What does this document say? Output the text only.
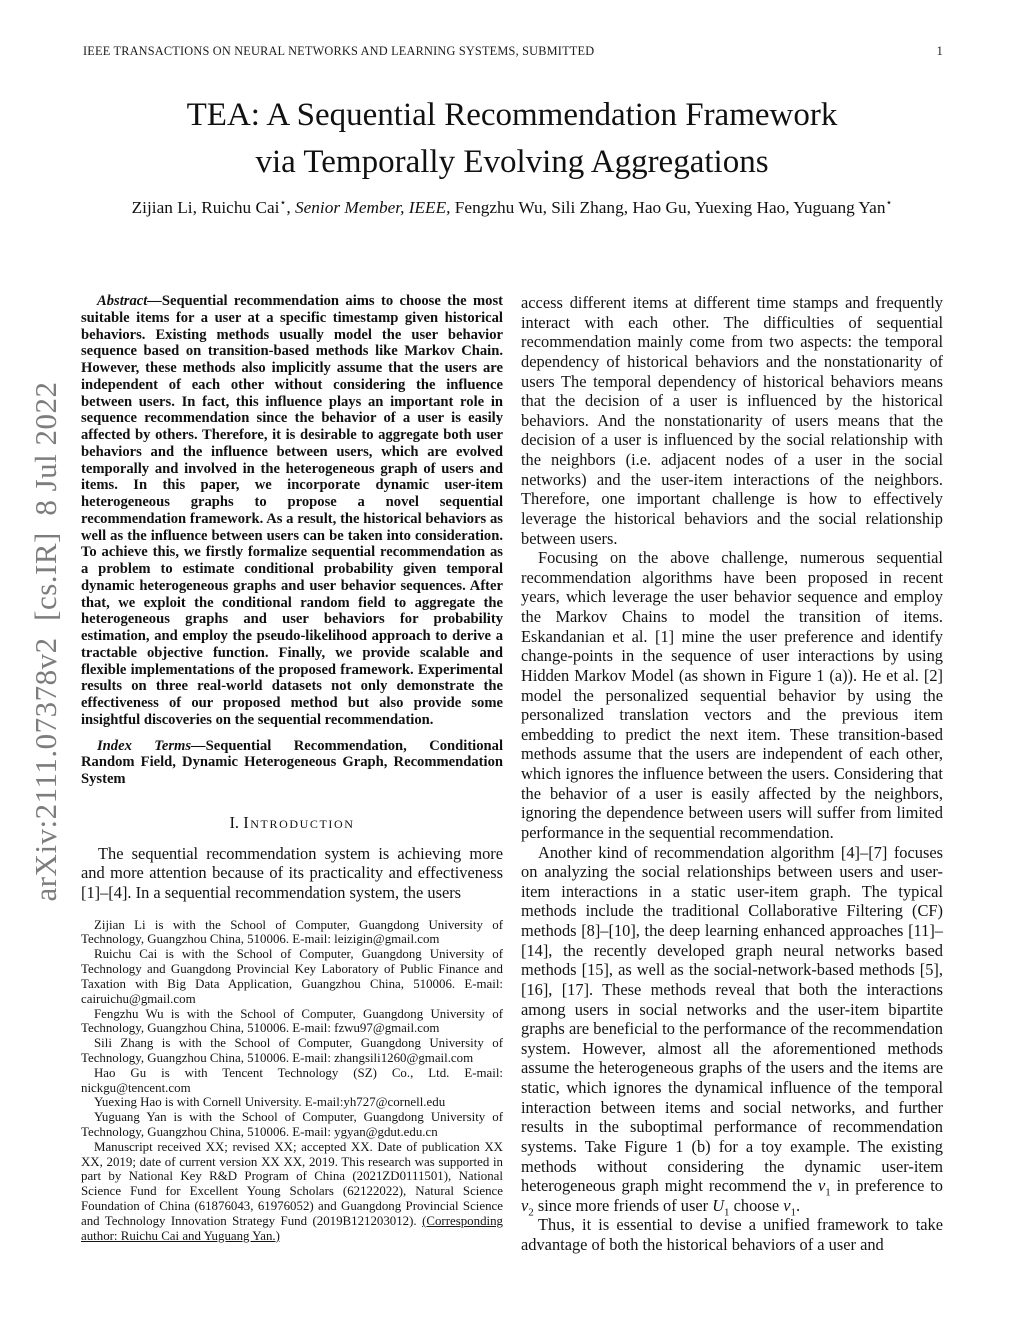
arXiv:2111.07378v2  [cs.IR]  8 Jul 2022

IEEE TRANSACTIONS ON NEURAL NETWORKS AND LEARNING SYSTEMS, SUBMITTED	1
TEA: A Sequential Recommendation Framework
via Temporally Evolving Aggregations
Zijian Li, Ruichu Cai⋆, Senior Member, IEEE, Fengzhu Wu, Sili Zhang, Hao Gu, Yuexing Hao, Yuguang Yan⋆

Abstract—Sequential recommendation aims to choose the most suitable items for a user at a specific timestamp given historical behaviors. Existing methods usually model the user behavior sequence based on transition-based methods like Markov Chain. However, these methods also implicitly assume that the users are independent of each other without considering the influence between users. In fact, this influence plays an important role in sequence recommendation since the behavior of a user is easily affected by others. Therefore, it is desirable to aggregate both user behaviors and the influence between users, which are evolved temporally and involved in the heterogeneous graph of users and items. In this paper, we incorporate dynamic user-item heterogeneous graphs to propose a novel sequential recommendation framework. As a result, the historical behaviors as well as the influence between users can be taken into consideration. To achieve this, we firstly formalize sequential recommendation as a problem to estimate conditional probability given temporal dynamic heterogeneous graphs and user behavior sequences. After that, we exploit the conditional random field to aggregate the heterogeneous graphs and user behaviors for probability estimation, and employ the pseudo-likelihood approach to derive a tractable objective function. Finally, we provide scalable and flexible implementations of the proposed framework. Experimental results on three real-world datasets not only demonstrate the effectiveness of our proposed method but also provide some insightful discoveries on the sequential recommendation.

Index Terms—Sequential Recommendation, Conditional Random Field, Dynamic Heterogeneous Graph, Recommendation System

I. Introduction

The sequential recommendation system is achieving more and more attention because of its practicality and effectiveness [1]–[4]. In a sequential recommendation system, the users

Zijian Li is with the School of Computer, Guangdong University of Technology, Guangzhou China, 510006. E-mail: leizigin@gmail.com

Ruichu Cai is with the School of Computer, Guangdong University of Technology and Guangdong Provincial Key Laboratory of Public Finance and Taxation with Big Data Application, Guangzhou China, 510006. E-mail: cairuichu@gmail.com

Fengzhu Wu is with the School of Computer, Guangdong University of Technology, Guangzhou China, 510006. E-mail: fzwu97@gmail.com

Sili Zhang is with the School of Computer, Guangdong University of Technology, Guangzhou China, 510006. E-mail: zhangsili1260@gmail.com

Hao Gu is with Tencent Technology (SZ) Co., Ltd. E-mail: nickgu@tencent.com

Yuexing Hao is with Cornell University. E-mail:yh727@cornell.edu

Yuguang Yan is with the School of Computer, Guangdong University of Technology, Guangzhou China, 510006. E-mail: ygyan@gdut.edu.cn

Manuscript received XX; revised XX; accepted XX. Date of publication XX XX, 2019; date of current version XX XX, 2019. This research was supported in part by National Key R&D Program of China (2021ZD0111501), National Science Fund for Excellent Young Scholars (62122022), Natural Science Foundation of China (61876043, 61976052) and Guangdong Provincial Science and Technology Innovation Strategy Fund (2019B121203012). (Corresponding author: Ruichu Cai and Yuguang Yan.)

access different items at different time stamps and frequently interact with each other. The difficulties of sequential recommendation mainly come from two aspects: the temporal dependency of historical behaviors and the nonstationarity of users The temporal dependency of historical behaviors means that the decision of a user is influenced by the historical behaviors. And the nonstationarity of users means that the decision of a user is influenced by the social relationship with the neighbors (i.e. adjacent nodes of a user in the social networks) and the user-item interactions of the neighbors. Therefore, one important challenge is how to effectively leverage the historical behaviors and the social relationship between users.

Focusing on the above challenge, numerous sequential recommendation algorithms have been proposed in recent years, which leverage the user behavior sequence and employ the Markov Chains to model the transition of items. Eskandanian et al. [1] mine the user preference and identify change-points in the sequence of user interactions by using Hidden Markov Model (as shown in Figure 1 (a)). He et al. [2] model the personalized sequential behavior by using the personalized translation vectors and the previous item embedding to predict the next item. These transition-based methods assume that the users are independent of each other, which ignores the influence between the users. Considering that the behavior of a user is easily affected by the neighbors, ignoring the dependence between users will suffer from limited performance in the sequential recommendation.

Another kind of recommendation algorithm [4]–[7] focuses on analyzing the social relationships between users and user-item interactions in a static user-item graph. The typical methods include the traditional Collaborative Filtering (CF) methods [8]–[10], the deep learning enhanced approaches [11]–[14], the recently developed graph neural networks based methods [15], as well as the social-network-based methods [5], [16], [17]. These methods reveal that both the interactions among users in social networks and the user-item bipartite graphs are beneficial to the performance of the recommendation system. However, almost all the aforementioned methods assume the heterogeneous graphs of the users and the items are static, which ignores the dynamical influence of the temporal interaction between items and social networks, and further results in the suboptimal performance of recommendation systems. Take Figure 1 (b) for a toy example. The existing methods without considering the dynamic user-item heterogeneous graph might recommend the $v_1$ in preference to $v_2$ since more friends of user $U_1$ choose $v_1$.

Thus, it is essential to devise a unified framework to take advantage of both the historical behaviors of a user and
